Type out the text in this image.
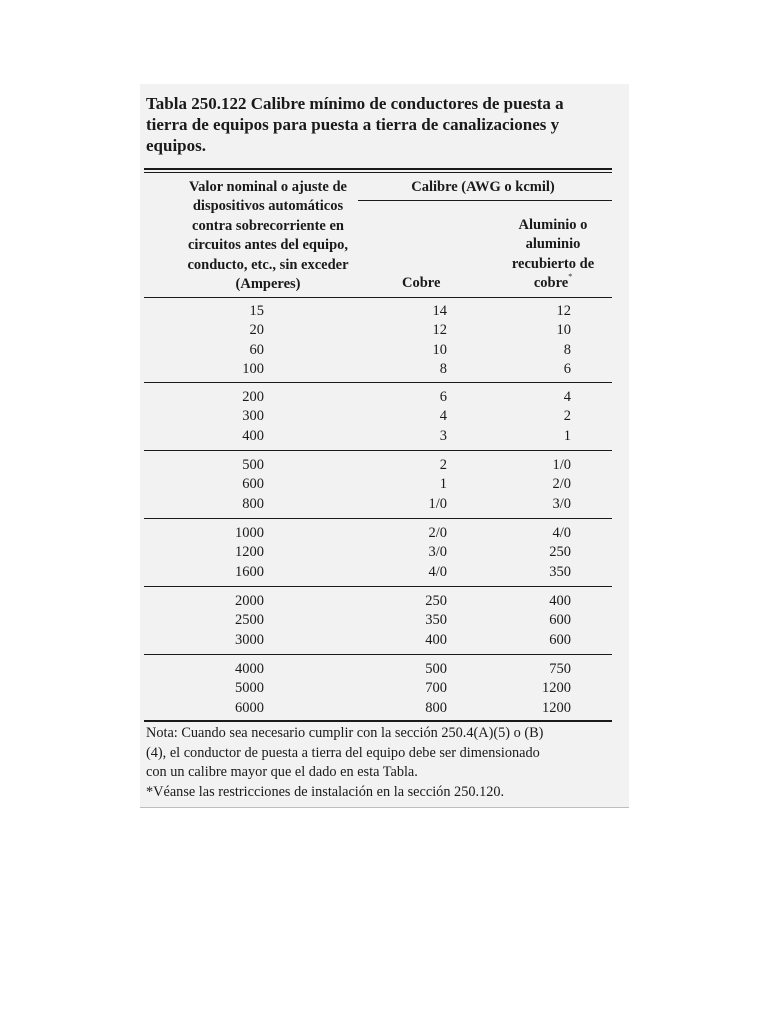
Tabla 250.122 Calibre mínimo de conductores de puesta a
tierra de equipos para puesta a tierra de canalizaciones y
equipos.
Valor nominal o ajuste de
dispositivos automáticos
contra sobrecorriente en
circuitos antes del equipo,
conducto, etc., sin exceder
(Amperes)
Calibre (AWG o kcmil)
Cobre
Aluminio o
aluminio
recubierto de
cobre*
15	14	12
20	12	10
60	10	8
100	8	6
200	6	4
300	4	2
400	3	1
500	2	1/0
600	1	2/0
800	1/0	3/0
1000	2/0	4/0
1200	3/0	250
1600	4/0	350
2000	250	400
2500	350	600
3000	400	600
4000	500	750
5000	700	1200
6000	800	1200
Nota: Cuando sea necesario cumplir con la sección 250.4(A)(5) o (B)
(4), el conductor de puesta a tierra del equipo debe ser dimensionado
con un calibre mayor que el dado en esta Tabla.
*Véanse las restricciones de instalación en la sección 250.120.
